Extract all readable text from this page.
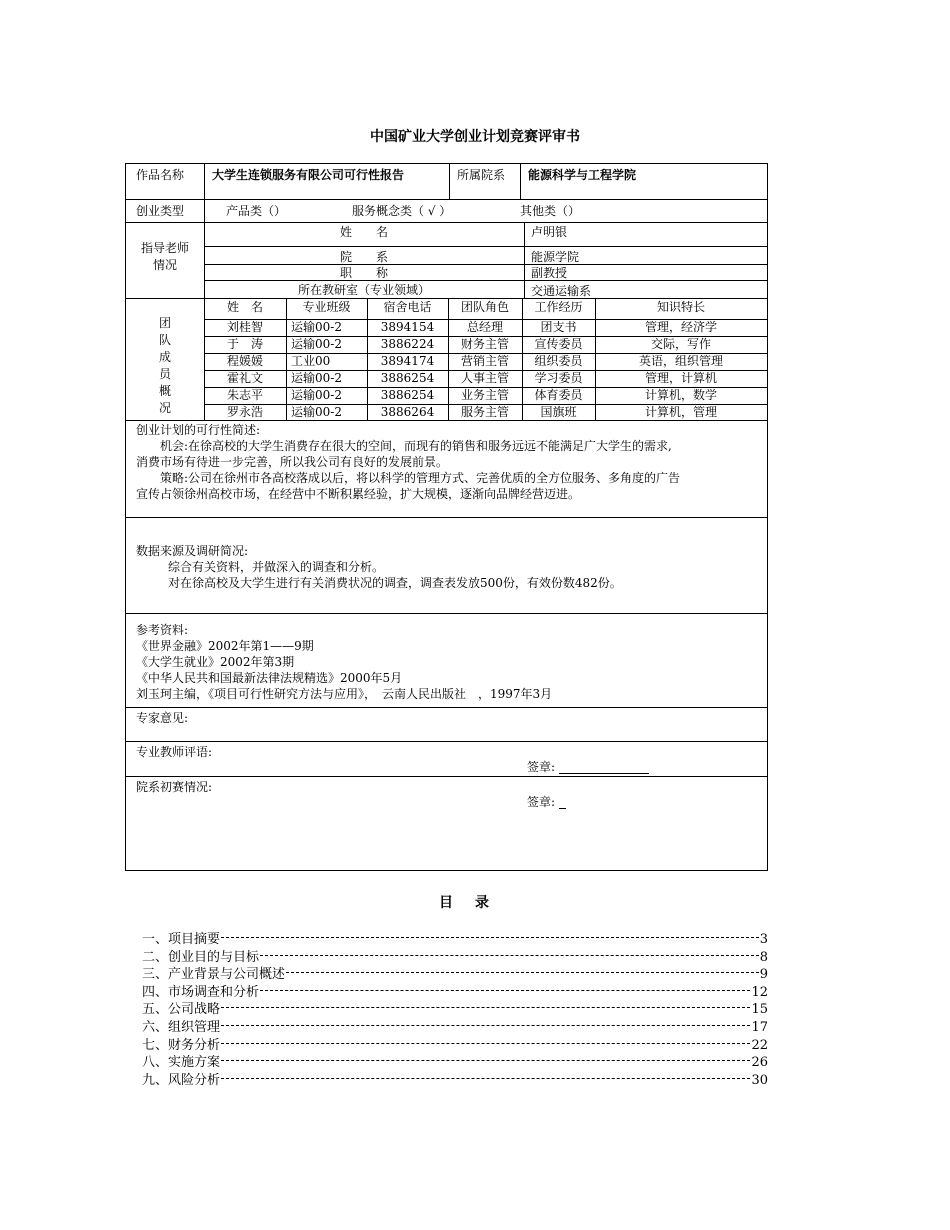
中国矿业大学创业计划竞赛评审书
作品名称 大学生连锁服务有限公司可行性报告	所属院系 能源科学与工程学院
创业类型	产品类（）	服务概念类（ √ ）	其他类（）
指导老师
情况
姓　　名	卢明银
院　　系	能源学院
职　　称	副教授
所在教研室（专业领域）	交通运输系
团
队
成
员
概
况
创业计划的可行性简述:
机会:在徐高校的大学生消费存在很大的空间，而现有的销售和服务远远不能满足广大学生的需求,
消费市场有待进一步完善，所以我公司有良好的发展前景。
策略:公司在徐州市各高校落成以后，将以科学的管理方式、完善优质的全方位服务、多角度的广告
宣传占领徐州高校市场，在经营中不断积累经验，扩大规模，逐渐向品牌经营迈进。
数据来源及调研简况:
综合有关资料，并做深入的调查和分析。
对在徐高校及大学生进行有关消费状况的调查，调查表发放500份，有效份数482份。
参考资料:
《世界金融》2002年第1——9期
《大学生就业》2002年第3期
《中华人民共和国最新法律法规精选》2000年5月
刘玉珂主编，《项目可行性研究方法与应用》，　云南人民出版社　，1997年3月
专家意见:
专业教师评语:
签章:
院系初赛情况:
签章:
姓　名	专业班级	宿舍电话	团队角色	工作经历	知识特长
刘桂智	运输00-2	3894154	总经理	团支书	管理，经济学
于　涛	运输00-2	3886224	财务主管	宣传委员	交际，写作
程媛媛	工业00	3894174	营销主管	组织委员	英语，组织管理
霍礼文	运输00-2	3886254	人事主管	学习委员	管理，计算机
朱志平	运输00-2	3886254	业务主管	体育委员	计算机，数学
罗永浩	运输00-2	3886264	服务主管	国旗班	计算机，管理
目录
一、项目摘要	3
二、创业目的与目标	8
三、产业背景与公司概述	9
四、市场调查和分析	12
五、公司战略	15
六、组织管理	17
七、财务分析	22
八、实施方案	26
九、风险分析	30
